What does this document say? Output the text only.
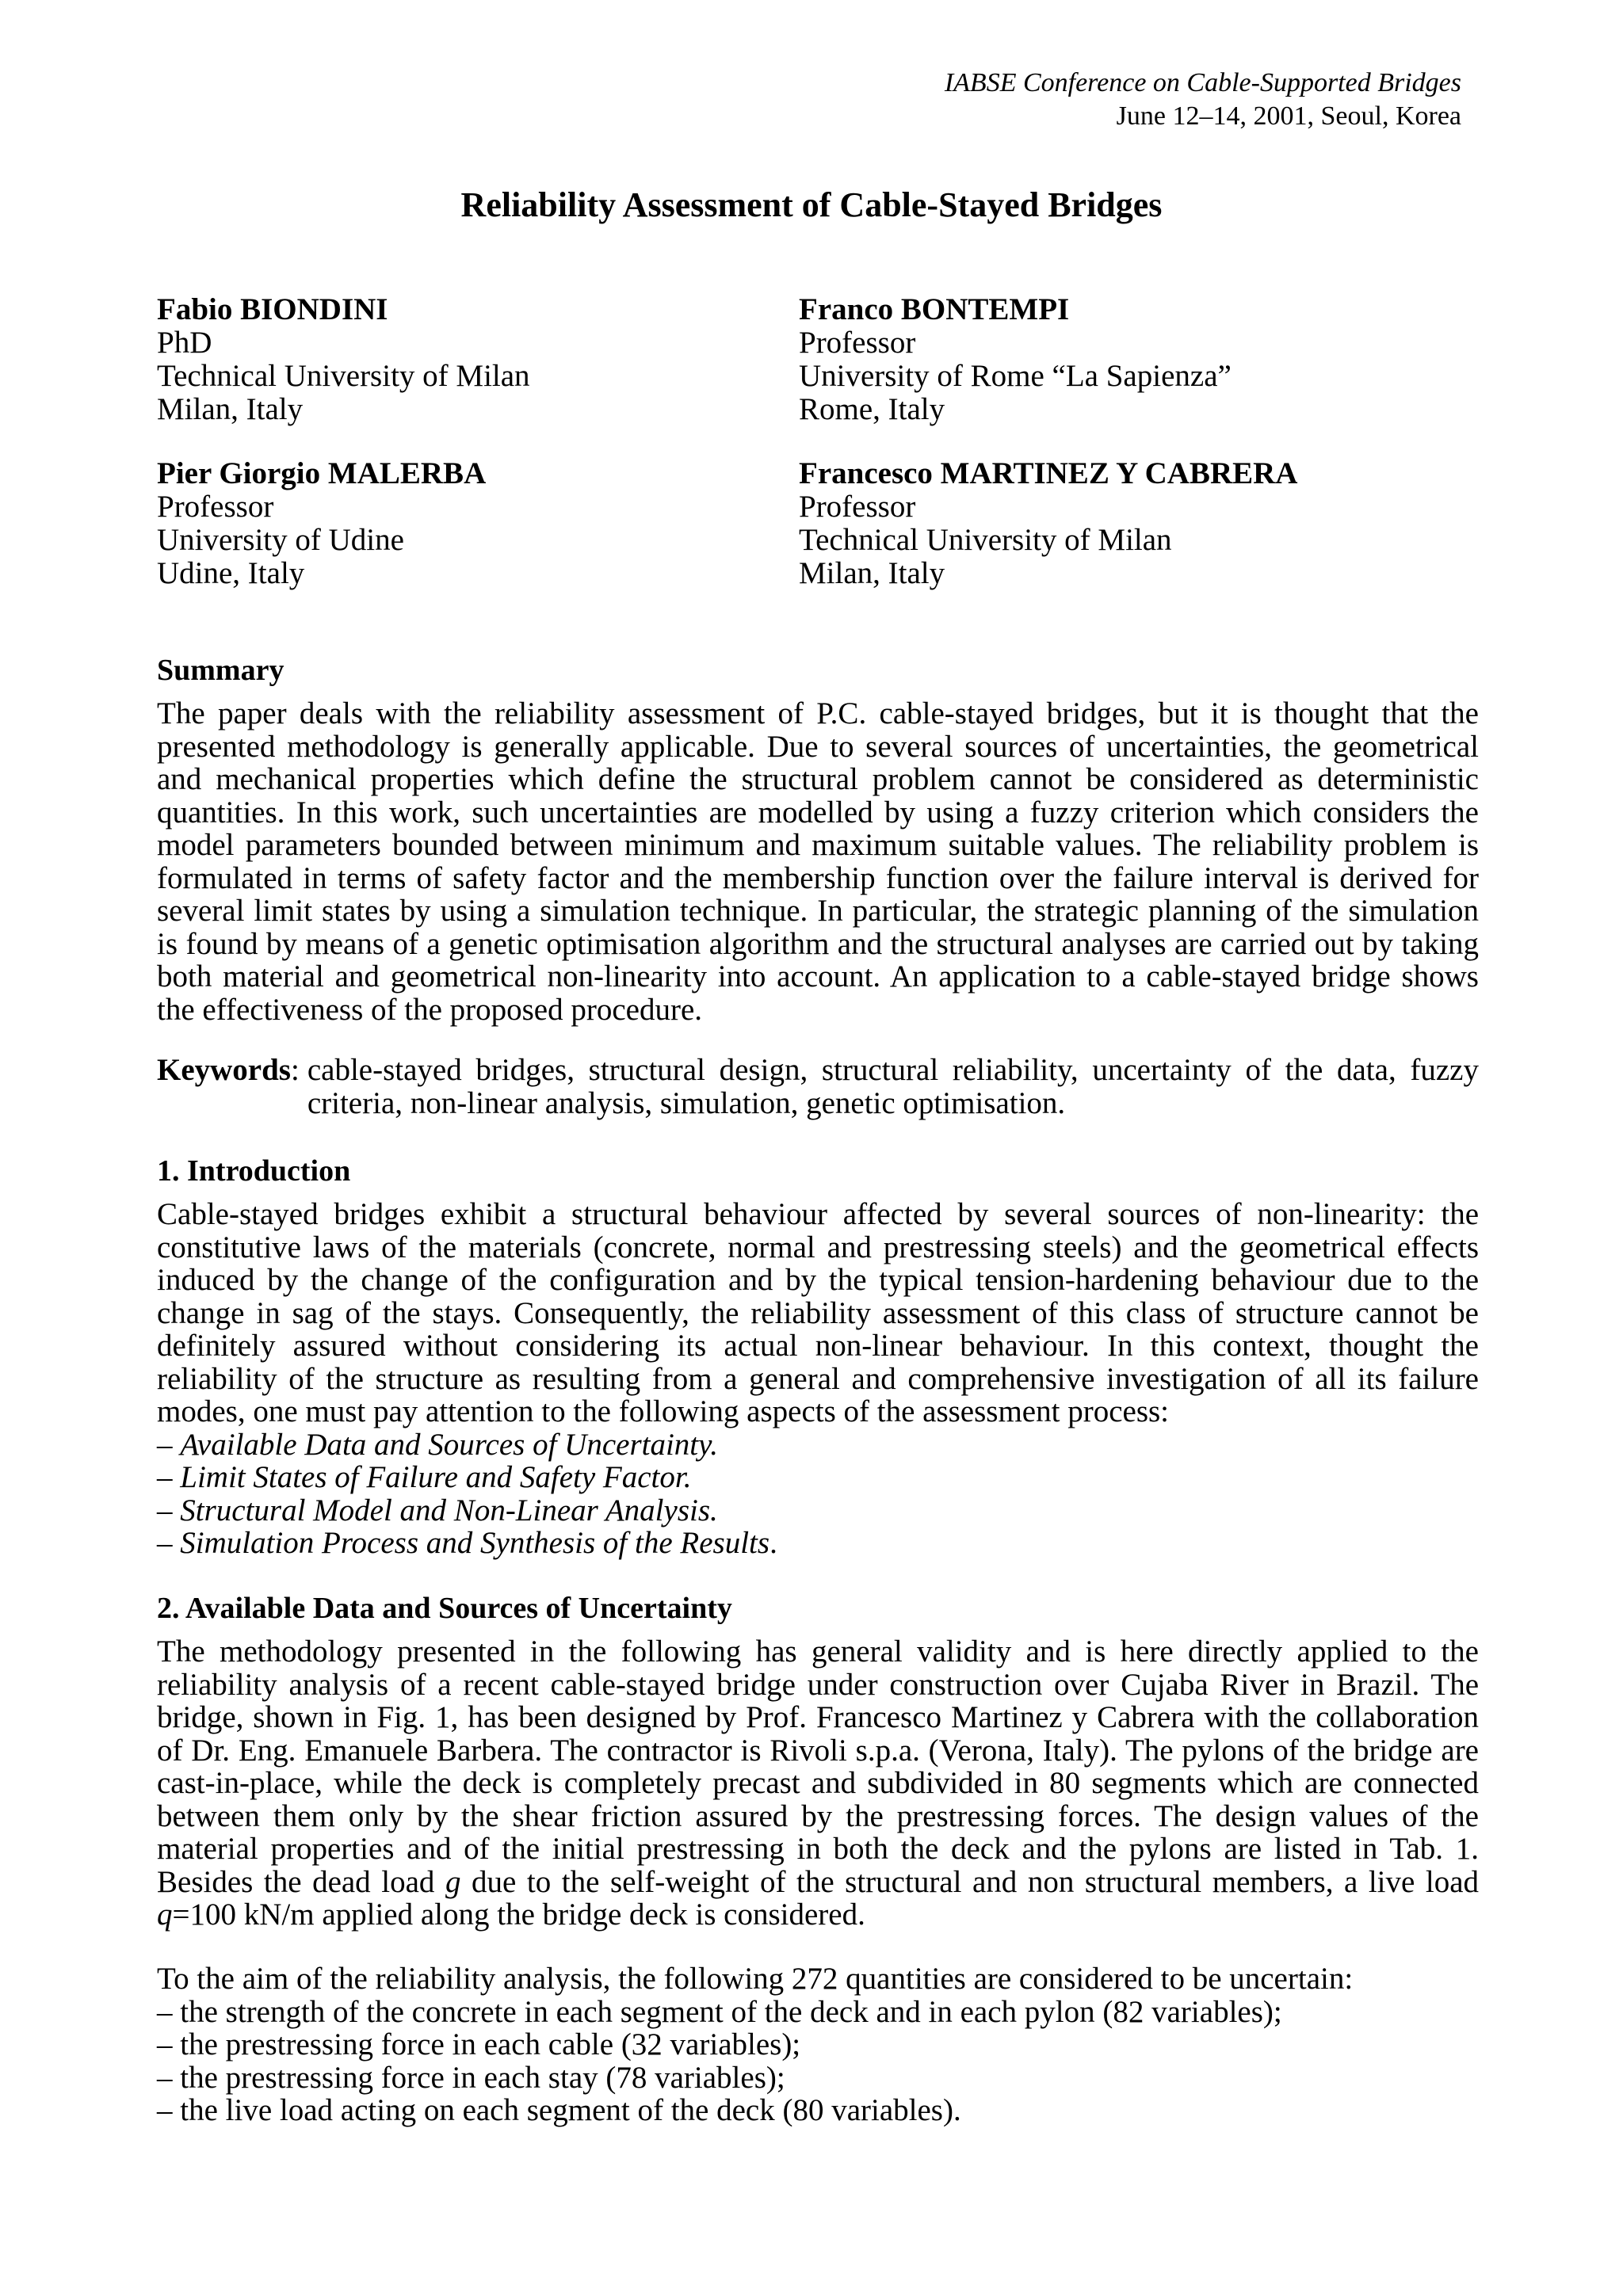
IABSE Conference on Cable-Supported Bridges
June 12–14, 2001, Seoul, Korea
Reliability Assessment of Cable-Stayed Bridges
Fabio BIONDINI
PhD
Technical University of Milan
Milan, Italy
Franco BONTEMPI
Professor
University of Rome “La Sapienza”
Rome, Italy
Pier Giorgio MALERBA
Professor
University of Udine
Udine, Italy
Francesco MARTINEZ Y CABRERA
Professor
Technical University of Milan
Milan, Italy
Summary

The paper deals with the reliability assessment of P.C. cable-stayed bridges, but it is thought that the presented methodology is generally applicable. Due to several sources of uncertainties, the geometrical and mechanical properties which define the structural problem cannot be considered as deterministic quantities. In this work, such uncertainties are modelled by using a fuzzy criterion which considers the model parameters bounded between minimum and maximum suitable values. The reliability problem is formulated in terms of safety factor and the membership function over the failure interval is derived for several limit states by using a simulation technique. In particular, the strategic planning of the simulation is found by means of a genetic optimisation algorithm and the structural analyses are carried out by taking both material and geometrical non-linearity into account. An application to a cable-stayed bridge shows the effectiveness of the proposed procedure.

Keywords:	cable-stayed bridges, structural design, structural reliability, uncertainty of the data, fuzzy criteria, non-linear analysis, simulation, genetic optimisation.
1. Introduction

Cable-stayed bridges exhibit a structural behaviour affected by several sources of non-linearity: the constitutive laws of the materials (concrete, normal and prestressing steels) and the geometrical effects induced by the change of the configuration and by the typical tension-hardening behaviour due to the change in sag of the stays. Consequently, the reliability assessment of this class of structure cannot be definitely assured without considering its actual non-linear behaviour. In this context, thought the reliability of the structure as resulting from a general and comprehensive investigation of all its failure modes, one must pay attention to the following aspects of the assessment process:

– Available Data and Sources of Uncertainty.

– Limit States of Failure and Safety Factor.

– Structural Model and Non-Linear Analysis.

– Simulation Process and Synthesis of the Results.

2. Available Data and Sources of Uncertainty

The methodology presented in the following has general validity and is here directly applied to the reliability analysis of a recent cable-stayed bridge under construction over Cujaba River in Brazil. The bridge, shown in Fig. 1, has been designed by Prof. Francesco Martinez y Cabrera with the collaboration of Dr. Eng. Emanuele Barbera. The contractor is Rivoli s.p.a. (Verona, Italy). The pylons of the bridge are cast-in-place, while the deck is completely precast and subdivided in 80 segments which are connected between them only by the shear friction assured by the prestressing forces. The design values of the material properties and of the initial prestressing in both the deck and the pylons are listed in Tab. 1. Besides the dead load g due to the self-weight of the structural and non structural members, a live load q=100 kN/m applied along the bridge deck is considered.

To the aim of the reliability analysis, the following 272 quantities are considered to be uncertain:

– the strength of the concrete in each segment of the deck and in each pylon (82 variables);

– the prestressing force in each cable (32 variables);

– the prestressing force in each stay (78 variables);

– the live load acting on each segment of the deck (80 variables).
